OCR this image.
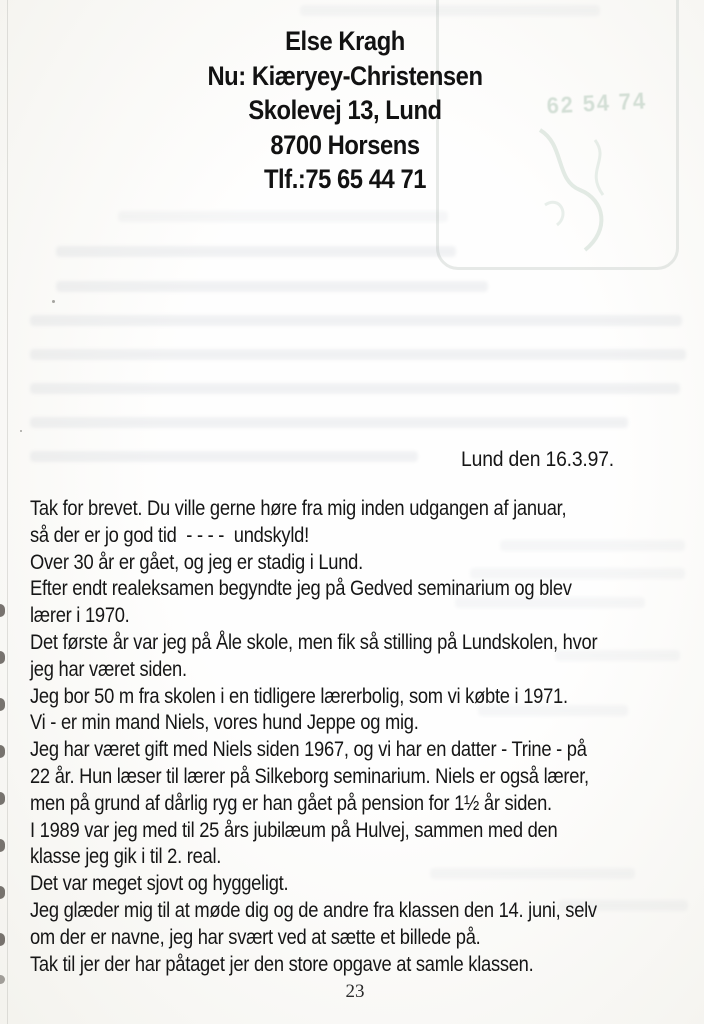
62 54 74
Else Kragh
Nu: Kiæryey-Christensen
Skolevej 13, Lund
8700 Horsens
Tlf.:75 65 44 71
Lund den 16.3.97.
Tak for brevet. Du ville gerne høre fra mig inden udgangen af januar,
så der er jo god tid  - - - -  undskyld!
Over 30 år er gået, og jeg er stadig i Lund.
Efter endt realeksamen begyndte jeg på Gedved seminarium og blev
lærer i 1970.
Det første år var jeg på Åle skole, men fik så stilling på Lundskolen, hvor
jeg har været siden.
Jeg bor 50 m fra skolen i en tidligere lærerbolig, som vi købte i 1971.
Vi - er min mand Niels, vores hund Jeppe og mig.
Jeg har været gift med Niels siden 1967, og vi har en datter - Trine - på
22 år. Hun læser til lærer på Silkeborg seminarium. Niels er også lærer,
men på grund af dårlig ryg er han gået på pension for 1½ år siden.
I 1989 var jeg med til 25 års jubilæum på Hulvej, sammen med den
klasse jeg gik i til 2. real.
Det var meget sjovt og hyggeligt.
Jeg glæder mig til at møde dig og de andre fra klassen den 14. juni, selv
om der er navne, jeg har svært ved at sætte et billede på.
Tak til jer der har påtaget jer den store opgave at samle klassen.
23
